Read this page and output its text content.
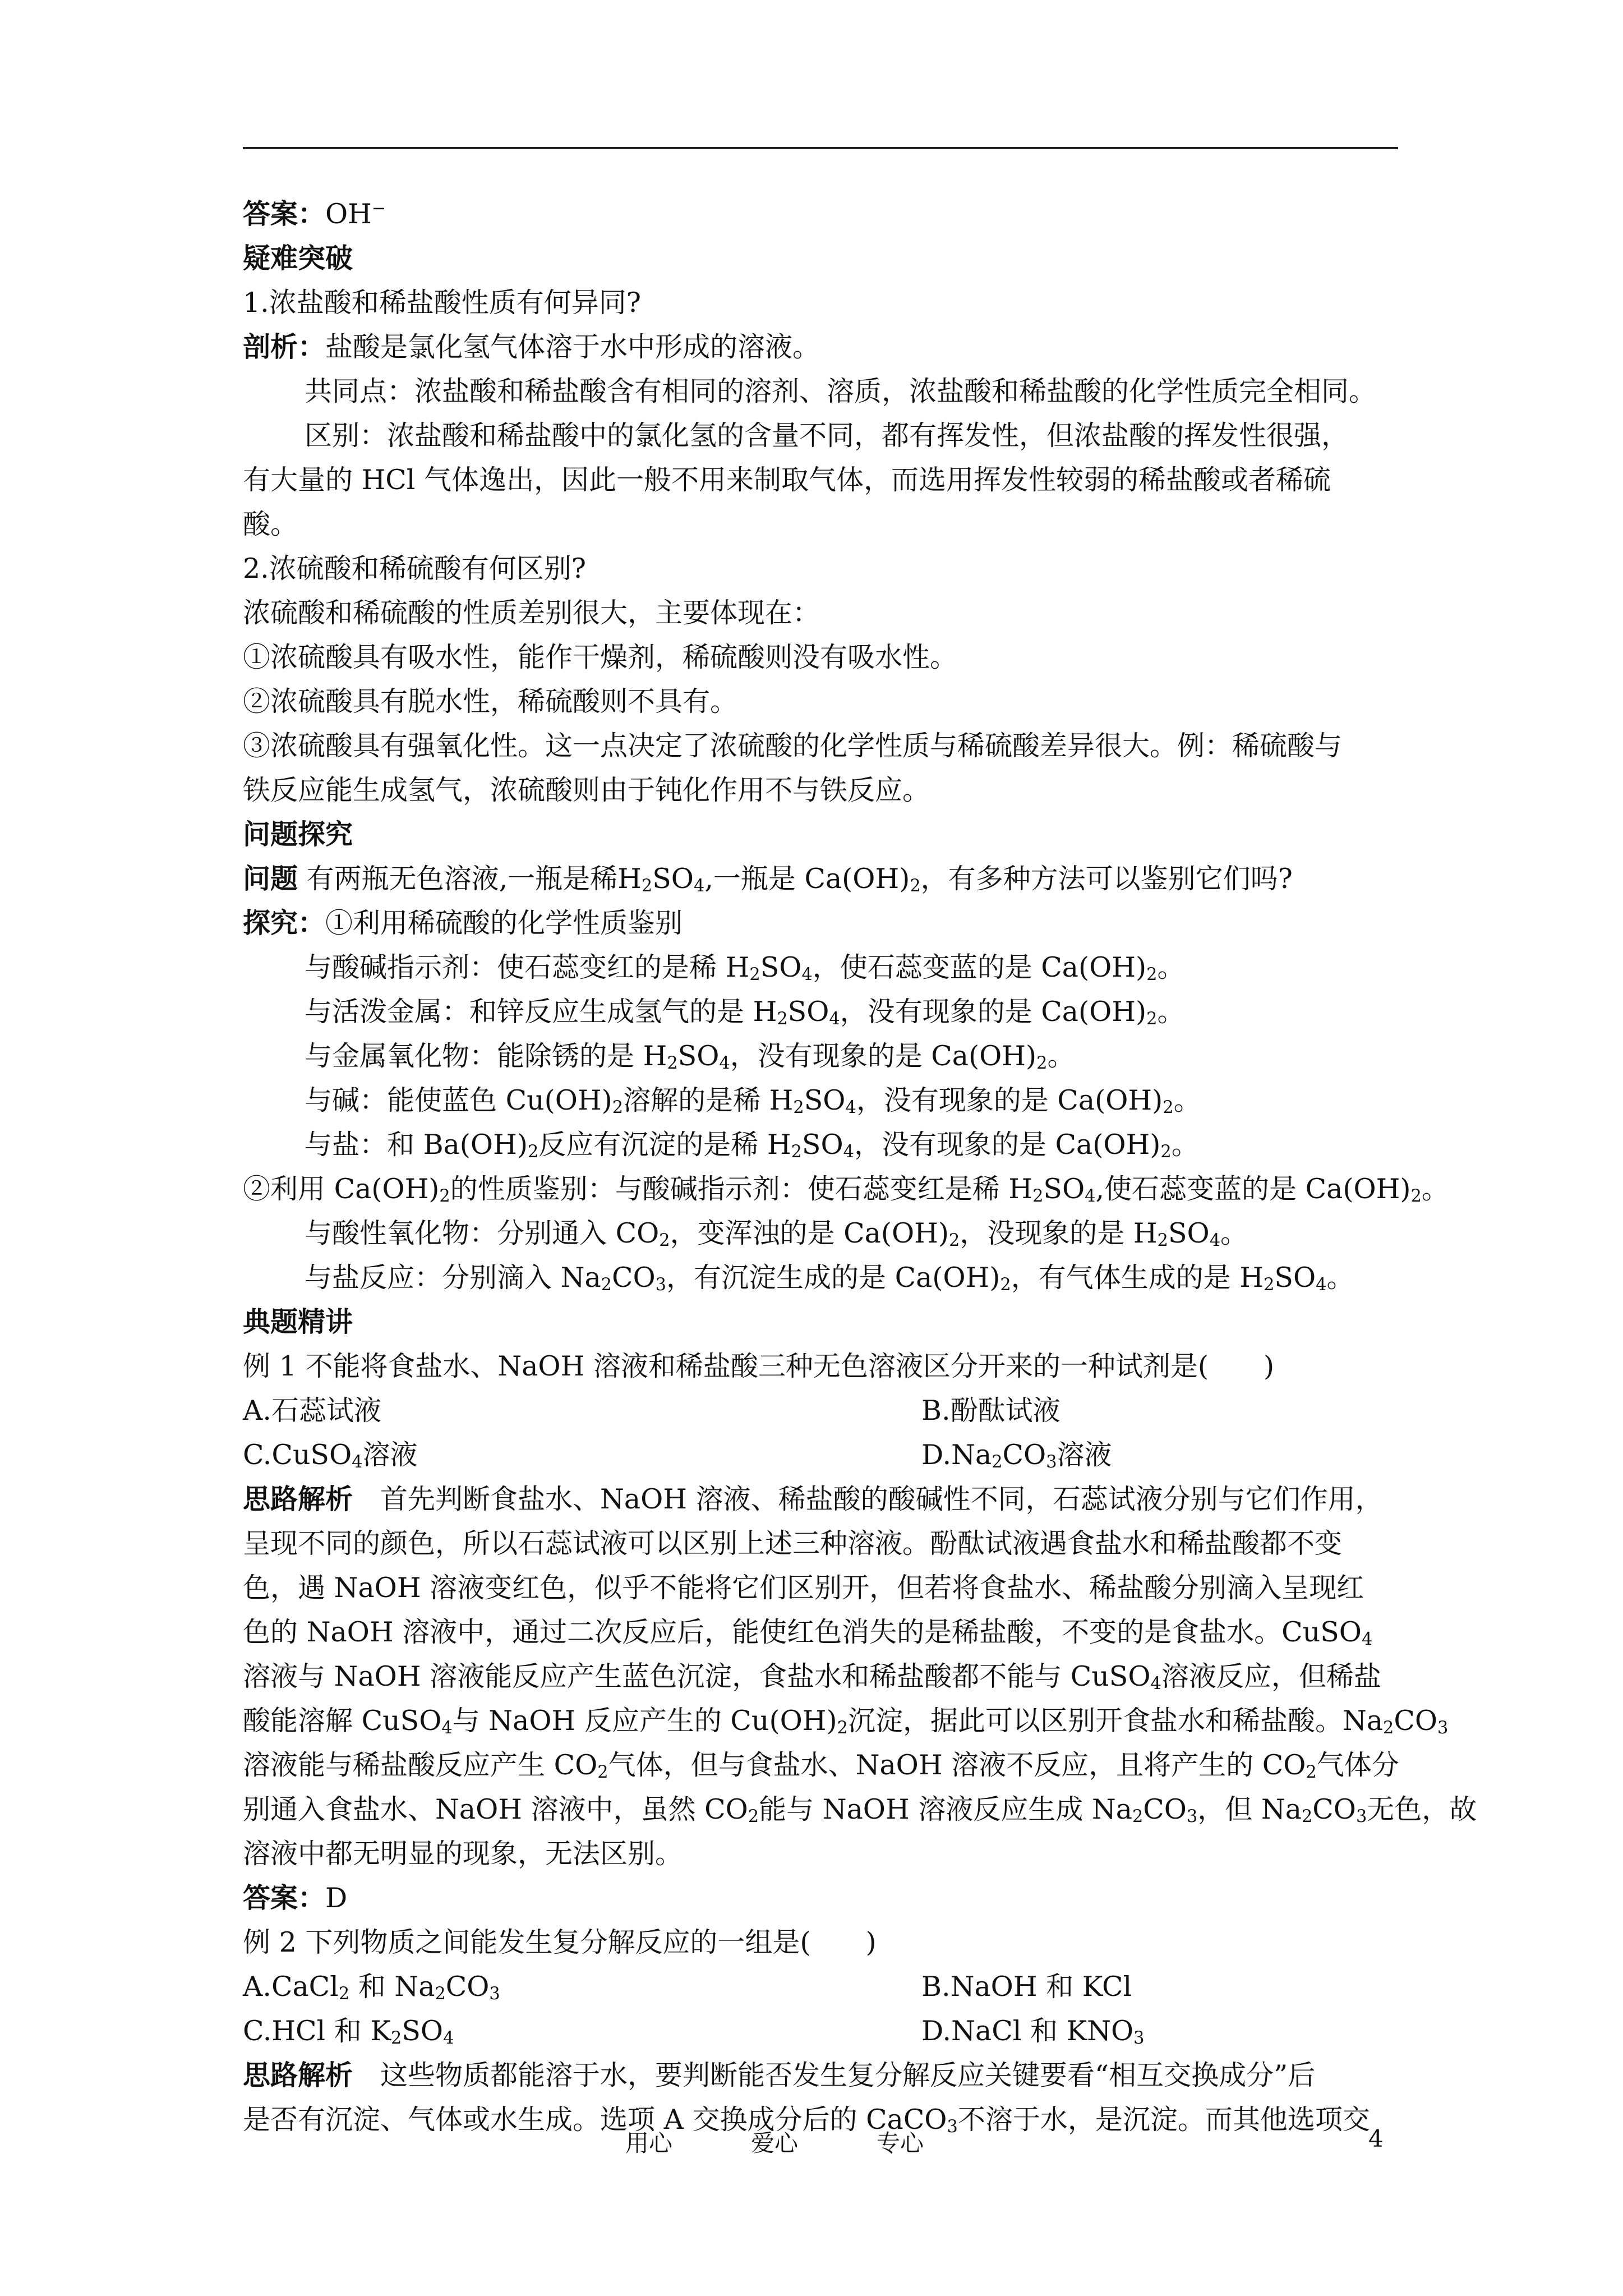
答案：OH−
疑难突破
1.浓盐酸和稀盐酸性质有何异同?
剖析：盐酸是氯化氢气体溶于水中形成的溶液。
共同点：浓盐酸和稀盐酸含有相同的溶剂、溶质，浓盐酸和稀盐酸的化学性质完全相同。
区别：浓盐酸和稀盐酸中的氯化氢的含量不同，都有挥发性，但浓盐酸的挥发性很强，
有大量的 HCl 气体逸出，因此一般不用来制取气体，而选用挥发性较弱的稀盐酸或者稀硫
酸。
2.浓硫酸和稀硫酸有何区别?
浓硫酸和稀硫酸的性质差别很大，主要体现在：
①浓硫酸具有吸水性，能作干燥剂，稀硫酸则没有吸水性。
②浓硫酸具有脱水性，稀硫酸则不具有。
③浓硫酸具有强氧化性。这一点决定了浓硫酸的化学性质与稀硫酸差异很大。例：稀硫酸与
铁反应能生成氢气，浓硫酸则由于钝化作用不与铁反应。
问题探究
问题 有两瓶无色溶液,一瓶是稀$H_2SO_4$,一瓶是 $Ca(OH)_2$，有多种方法可以鉴别它们吗?
探究：①利用稀硫酸的化学性质鉴别
与酸碱指示剂：使石蕊变红的是稀 $H_2SO_4$，使石蕊变蓝的是 $Ca(OH)_2$。
与活泼金属：和锌反应生成氢气的是 $H_2SO_4$，没有现象的是 $Ca(OH)_2$。
与金属氧化物：能除锈的是 $H_2SO_4$，没有现象的是 $Ca(OH)_2$。
与碱：能使蓝色 $Cu(OH)_2$溶解的是稀 $H_2SO_4$，没有现象的是 $Ca(OH)_2$。
与盐：和 $Ba(OH)_2$反应有沉淀的是稀 $H_2SO_4$，没有现象的是 $Ca(OH)_2$。
②利用 $Ca(OH)_2$的性质鉴别：与酸碱指示剂：使石蕊变红是稀 $H_2SO_4$,使石蕊变蓝的是 $Ca(OH)_2$。
与酸性氧化物：分别通入 $CO_2$，变浑浊的是 $Ca(OH)_2$，没现象的是 $H_2SO_4$。
与盐反应：分别滴入 $Na_2CO_3$，有沉淀生成的是 $Ca(OH)_2$，有气体生成的是 $H_2SO_4$。
典题精讲
例 1 不能将食盐水、NaOH 溶液和稀盐酸三种无色溶液区分开来的一种试剂是(　　)
A.石蕊试液	B.酚酞试液
C.CuSO$_4$溶液	$D.Na_2CO_3$溶液
思路解析  首先判断食盐水、NaOH 溶液、稀盐酸的酸碱性不同，石蕊试液分别与它们作用，
呈现不同的颜色，所以石蕊试液可以区别上述三种溶液。酚酞试液遇食盐水和稀盐酸都不变
色，遇 NaOH 溶液变红色，似乎不能将它们区别开，但若将食盐水、稀盐酸分别滴入呈现红
色的 NaOH 溶液中，通过二次反应后，能使红色消失的是稀盐酸，不变的是食盐水。CuSO$_4$
溶液与 NaOH 溶液能反应产生蓝色沉淀，食盐水和稀盐酸都不能与 CuSO$_4$溶液反应，但稀盐
酸能溶解 CuSO$_4$与 NaOH 反应产生的 $Cu(OH)_2$沉淀，据此可以区别开食盐水和稀盐酸。$Na_2CO_3$
溶液能与稀盐酸反应产生 $CO_2$气体，但与食盐水、NaOH 溶液不反应，且将产生的 $CO_2$气体分
别通入食盐水、NaOH 溶液中，虽然 $CO_2$能与 NaOH 溶液反应生成 $Na_2CO_3$，但 $Na_2CO_3$无色，故
溶液中都无明显的现象，无法区别。
答案：D
例 2 下列物质之间能发生复分解反应的一组是(　　)
A.CaCl$_2$ 和 $Na_2CO_3$	B.NaOH 和 KCl
C.HCl 和 $K_2SO_4$	D.NaCl 和 $KNO_3$
思路解析  这些物质都能溶于水，要判断能否发生复分解反应关键要看“相互交换成分”后
是否有沉淀、气体或水生成。选项 A 交换成分后的 CaCO$_3$不溶于水，是沉淀。而其他选项交
用心	爱心	专心	4
